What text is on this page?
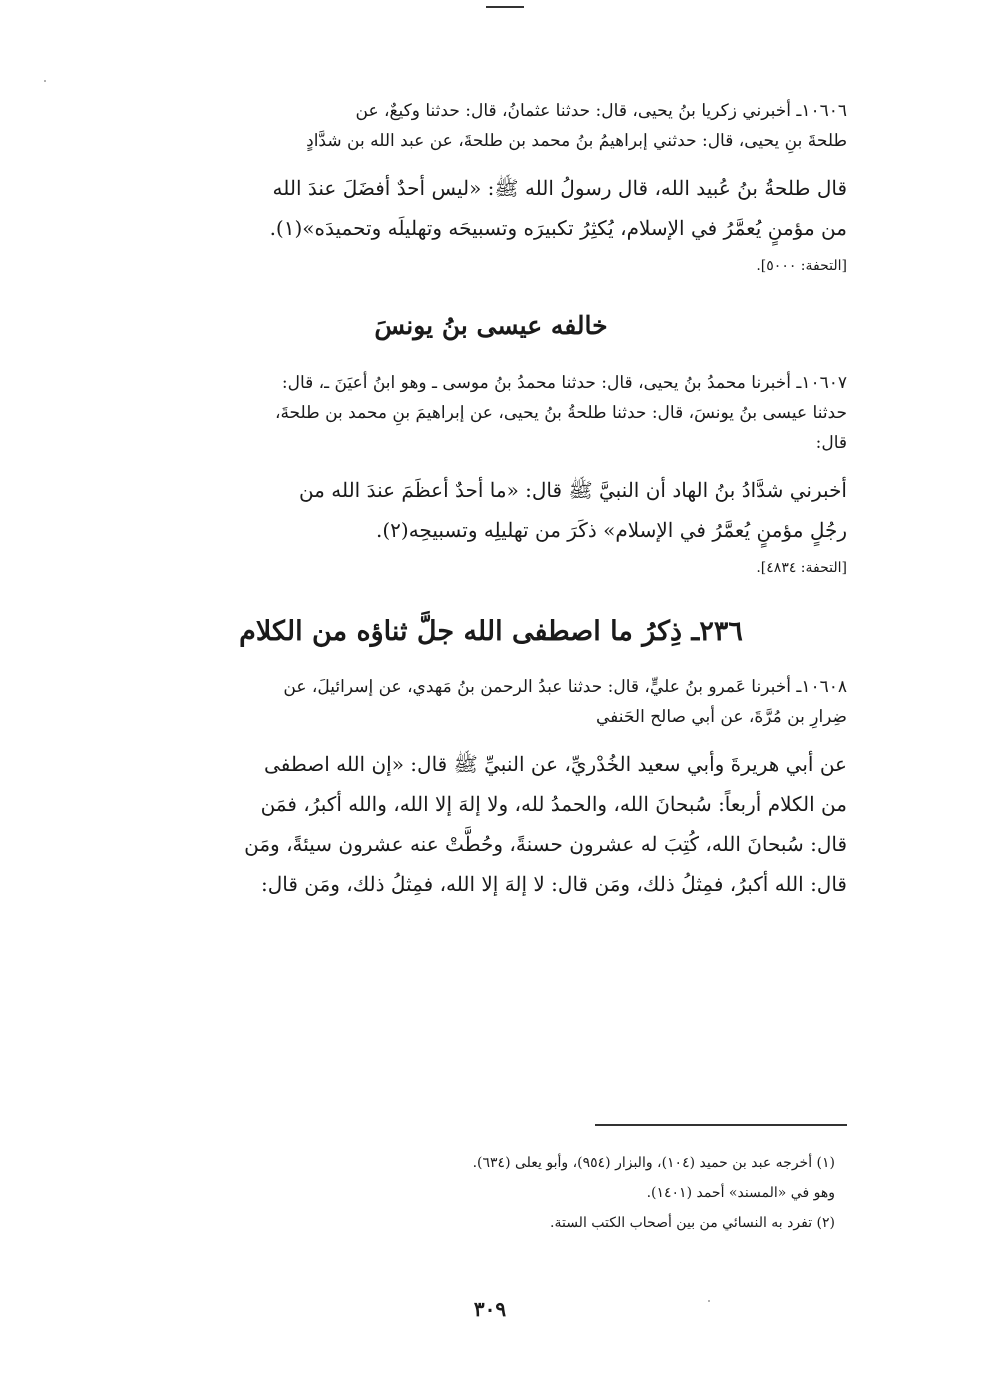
١٠٦٠٦ـ أخبرني زكريا بنُ يحيى، قال: حدثنا عثمانُ، قال: حدثنا وكيعٌ، عن
طلحةَ بنِ يحيى، قال: حدثني إبراهيمُ بنُ محمد بن طلحةَ، عن عبد الله بن شدَّادٍ
قال طلحةُ بنُ عُبيد الله، قال رسولُ الله ﷺ: «ليس أحدٌ أفضَلَ عندَ الله
من مؤمنٍ يُعمَّرُ في الإسلام، يُكثِرُ تكبيرَه وتسبيحَه وتهليلَه وتحميدَه»(١).
[التحفة: ٥٠٠٠].
خالفه عيسى بنُ يونسَ
١٠٦٠٧ـ أخبرنا محمدُ بنُ يحيى، قال: حدثنا محمدُ بنُ موسى ـ وهو ابنُ أعيَنَ ـ، قال:
حدثنا عيسى بنُ يونسَ، قال: حدثنا طلحةُ بنُ يحيى، عن إبراهيمَ بنِ محمد بن طلحةَ،
قال:
أخبرني شدَّادُ بنُ الهاد أن النبيَّ ﷺ قال: «ما أحدٌ أعظَمَ عندَ الله من
رجُلٍ مؤمنٍ يُعمَّرُ في الإسلام» ذكَرَ من تهليلِه وتسبيحِه(٢).
[التحفة: ٤٨٣٤].
٢٣٦ـ ذِكرُ ما اصطفى الله جلَّ ثناؤه من الكلام
١٠٦٠٨ـ أخبرنا عَمرو بنُ عليٍّ، قال: حدثنا عبدُ الرحمن بنُ مَهدي، عن إسرائيلَ، عن
ضِرارِ بن مُرَّةَ، عن أبي صالح الحَنفي
عن أبي هريرةَ وأبي سعيد الخُدْريِّ، عن النبيِّ ﷺ قال: «إن الله اصطفى
من الكلام أربعاً: سُبحانَ الله، والحمدُ لله، ولا إلهَ إلا الله، والله أكبرُ، فمَن
قال: سُبحانَ الله، كُتِبَ له عشرون حسنةً، وحُطَّتْ عنه عشرون سيئةً، ومَن
قال: الله أكبرُ، فمِثلُ ذلك، ومَن قال: لا إلهَ إلا الله، فمِثلُ ذلك، ومَن قال:
(١) أخرجه عبد بن حميد (١٠٤)، والبزار (٩٥٤)، وأبو يعلى (٦٣٤).
وهو في «المسند» أحمد (١٤٠١).
(٢) تفرد به النسائي من بين أصحاب الكتب الستة.
٣٠٩
